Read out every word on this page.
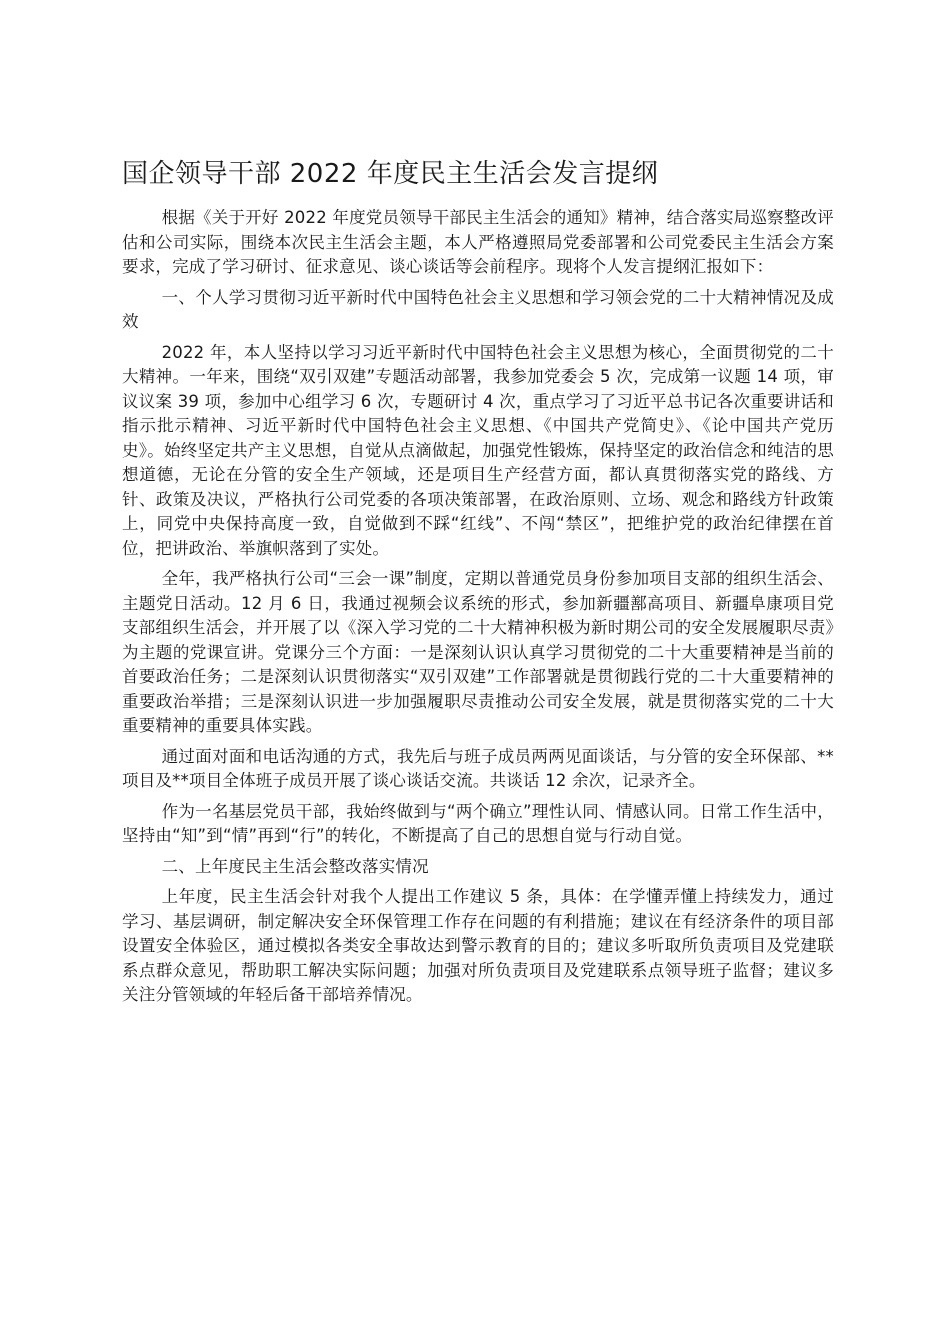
国企领导干部 2022 年度民主生活会发言提纲

根据《关于开好 2022 年度党员领导干部民主生活会的通知》精神，结合落实局巡察整改评估和公司实际，围绕本次民主生活会主题，本人严格遵照局党委部署和公司党委民主生活会方案要求，完成了学习研讨、征求意见、谈心谈话等会前程序。现将个人发言提纲汇报如下：

一、个人学习贯彻习近平新时代中国特色社会主义思想和学习领会党的二十大精神情况及成效

2022 年，本人坚持以学习习近平新时代中国特色社会主义思想为核心，全面贯彻党的二十大精神。一年来，围绕“双引双建”专题活动部署，我参加党委会 5 次，完成第一议题 14 项，审议议案 39 项，参加中心组学习 6 次，专题研讨 4 次，重点学习了习近平总书记各次重要讲话和指示批示精神、习近平新时代中国特色社会主义思想、《中国共产党简史》、《论中国共产党历史》。始终坚定共产主义思想，自觉从点滴做起，加强党性锻炼，保持坚定的政治信念和纯洁的思想道德，无论在分管的安全生产领域，还是项目生产经营方面，都认真贯彻落实党的路线、方针、政策及决议，严格执行公司党委的各项决策部署，在政治原则、立场、观念和路线方针政策上，同党中央保持高度一致，自觉做到不踩“红线”、不闯“禁区”，把维护党的政治纪律摆在首位，把讲政治、举旗帜落到了实处。

全年，我严格执行公司“三会一课”制度，定期以普通党员身份参加项目支部的组织生活会、主题党日活动。12 月 6 日，我通过视频会议系统的形式，参加新疆鄯高项目、新疆阜康项目党支部组织生活会，并开展了以《深入学习党的二十大精神积极为新时期公司的安全发展履职尽责》为主题的党课宣讲。党课分三个方面：一是深刻认识认真学习贯彻党的二十大重要精神是当前的首要政治任务；二是深刻认识贯彻落实“双引双建”工作部署就是贯彻践行党的二十大重要精神的重要政治举措；三是深刻认识进一步加强履职尽责推动公司安全发展，就是贯彻落实党的二十大重要精神的重要具体实践。

通过面对面和电话沟通的方式，我先后与班子成员两两见面谈话，与分管的安全环保部、**项目及**项目全体班子成员开展了谈心谈话交流。共谈话 12 余次，记录齐全。

作为一名基层党员干部，我始终做到与“两个确立”理性认同、情感认同。日常工作生活中，坚持由“知”到“情”再到“行”的转化，不断提高了自己的思想自觉与行动自觉。

二、上年度民主生活会整改落实情况

上年度，民主生活会针对我个人提出工作建议 5 条，具体：在学懂弄懂上持续发力，通过学习、基层调研，制定解决安全环保管理工作存在问题的有利措施；建议在有经济条件的项目部设置安全体验区，通过模拟各类安全事故达到警示教育的目的；建议多听取所负责项目及党建联系点群众意见，帮助职工解决实际问题；加强对所负责项目及党建联系点领导班子监督；建议多关注分管领域的年轻后备干部培养情况。
